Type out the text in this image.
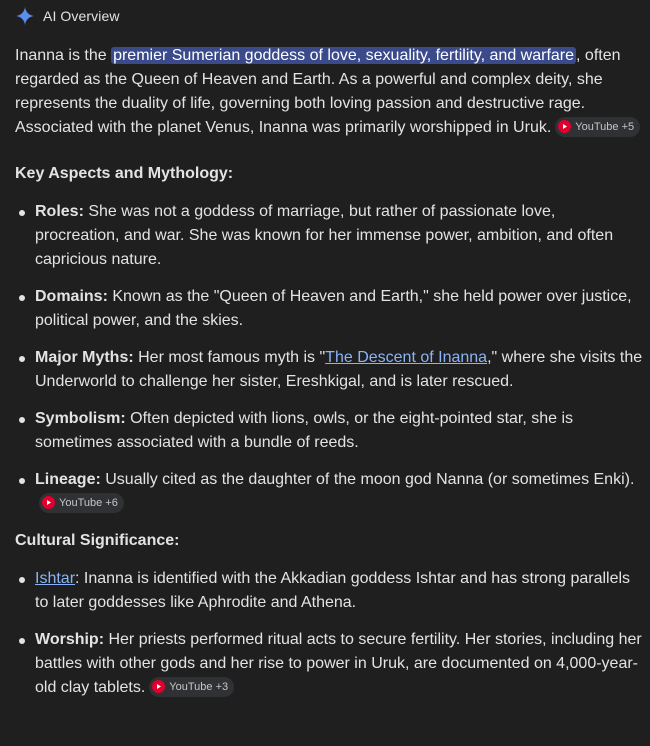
AI Overview
Inanna is the premier Sumerian goddess of love, sexuality, fertility, and warfare , often regarded as the Queen of Heaven and Earth. As a powerful and complex deity, she represents the duality of life, governing both loving passion and destructive rage. Associated with the planet Venus, Inanna was primarily worshipped in Uruk. YouTube +5
Key Aspects and Mythology:
Roles: She was not a goddess of marriage, but rather of passionate love, procreation, and war. She was known for her immense power, ambition, and often capricious nature.
Domains: Known as the "Queen of Heaven and Earth," she held power over justice, political power, and the skies.
Major Myths: Her most famous myth is "The Descent of Inanna," where she visits the Underworld to challenge her sister, Ereshkigal, and is later rescued.
Symbolism: Often depicted with lions, owls, or the eight-pointed star, she is sometimes associated with a bundle of reeds.
Lineage: Usually cited as the daughter of the moon god Nanna (or sometimes Enki).
YouTube +6
Cultural Significance:
Ishtar: Inanna is identified with the Akkadian goddess Ishtar and has strong parallels to later goddesses like Aphrodite and Athena.
Worship: Her priests performed ritual acts to secure fertility. Her stories, including her battles with other gods and her rise to power in Uruk, are documented on 4,000-year-old clay tablets. YouTube +3
